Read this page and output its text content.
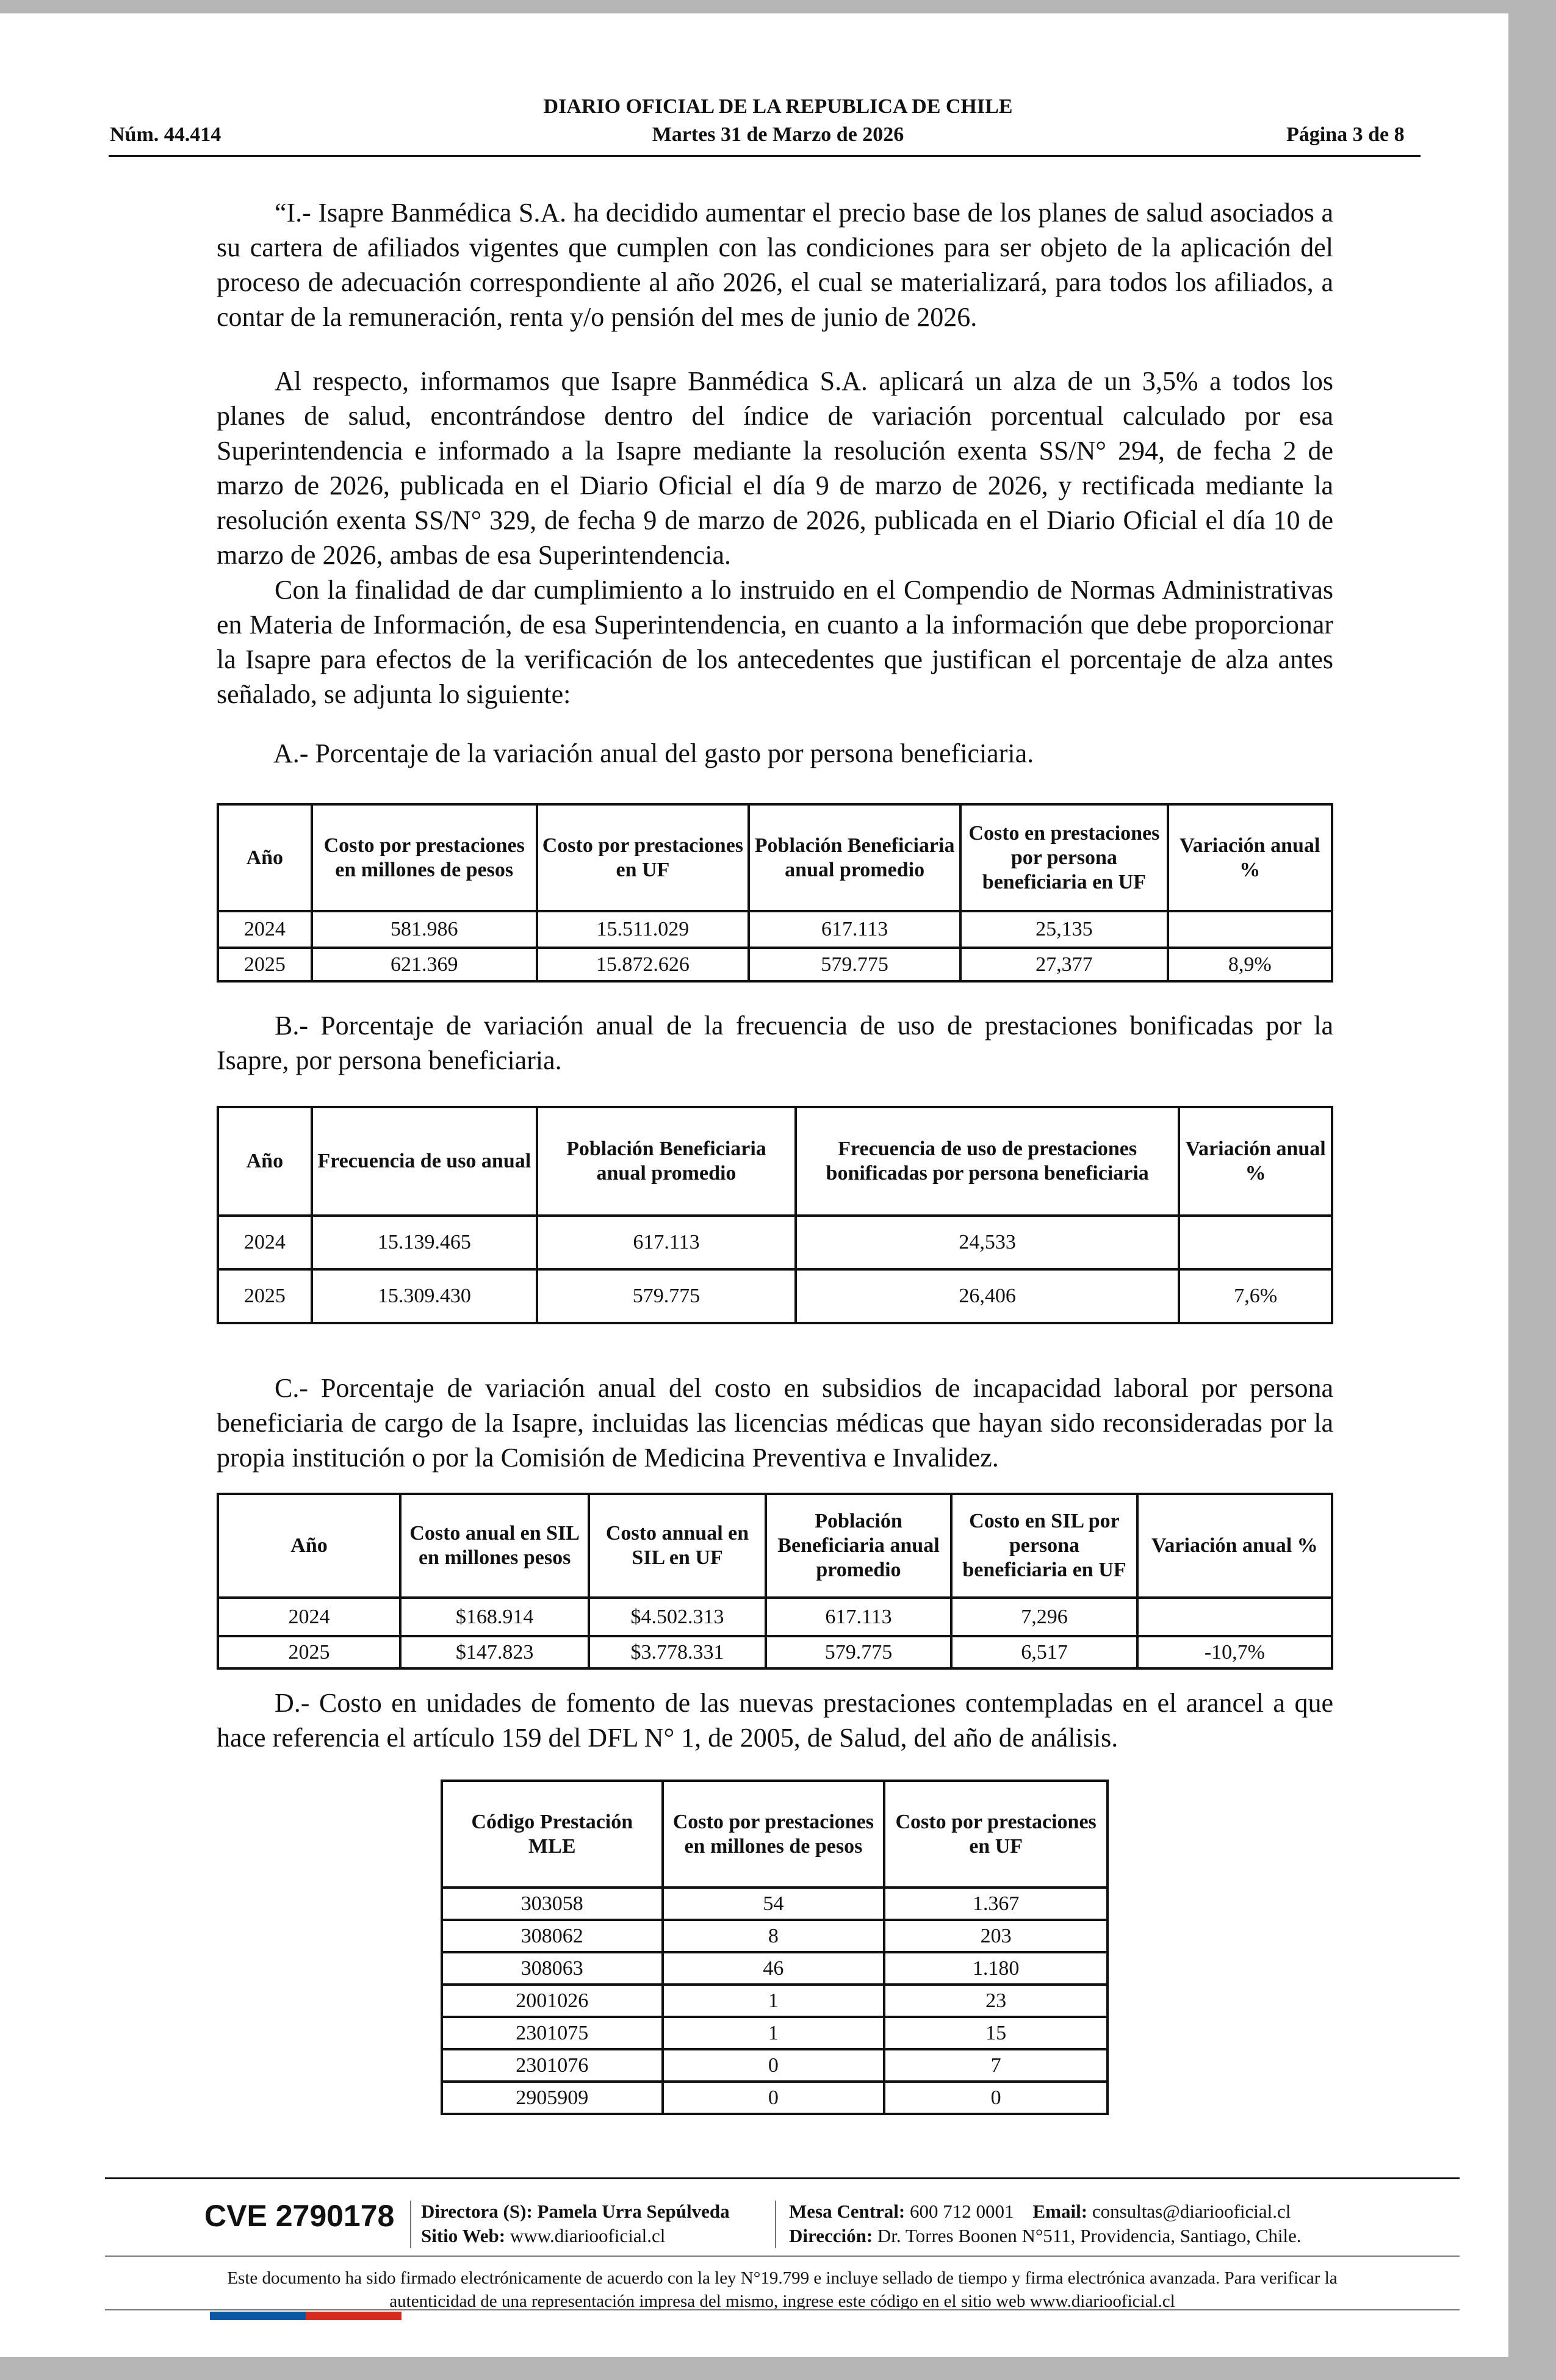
Núm. 44.414
DIARIO OFICIAL DE LA REPUBLICA DE CHILE
Martes 31 de Marzo de 2026	Página 3 de 8

“I.- Isapre Banmédica S.A. ha decidido aumentar el precio base de los planes de salud asociados a su cartera de afiliados vigentes que cumplen con las condiciones para ser objeto de la aplicación del proceso de adecuación correspondiente al año 2026, el cual se materializará, para todos los afiliados, a contar de la remuneración, renta y/o pensión del mes de junio de 2026.

Al respecto, informamos que Isapre Banmédica S.A. aplicará un alza de un 3,5% a todos los planes de salud, encontrándose dentro del índice de variación porcentual calculado por esa Superintendencia e informado a la Isapre mediante la resolución exenta SS/N° 294, de fecha 2 de marzo de 2026, publicada en el Diario Oficial el día 9 de marzo de 2026, y rectificada mediante la resolución exenta SS/N° 329, de fecha 9 de marzo de 2026, publicada en el Diario Oficial el día 10 de marzo de 2026, ambas de esa Superintendencia.

Con la finalidad de dar cumplimiento a lo instruido en el Compendio de Normas Administrativas en Materia de Información, de esa Superintendencia, en cuanto a la información que debe proporcionar la Isapre para efectos de la verificación de los antecedentes que justifican el porcentaje de alza antes señalado, se adjunta lo siguiente:

A.- Porcentaje de la variación anual del gasto por persona beneficiaria.
Año	Costo por prestaciones en millones de pesos	Costo por prestaciones en UF	Población Beneficiaria anual promedio	Costo en prestaciones por persona beneficiaria en UF	Variación anual %
2024	581.986	15.511.029	617.113	25,135	
2025	621.369	15.872.626	579.775	27,377	8,9%

B.- Porcentaje de variación anual de la frecuencia de uso de prestaciones bonificadas por la Isapre, por persona beneficiaria.

Año	Frecuencia de uso anual	Población Beneficiaria anual promedio	Frecuencia de uso de prestaciones bonificadas por persona beneficiaria	Variación anual %
2024	15.139.465	617.113	24,533	
2025	15.309.430	579.775	26,406	7,6%

C.- Porcentaje de variación anual del costo en subsidios de incapacidad laboral por persona beneficiaria de cargo de la Isapre, incluidas las licencias médicas que hayan sido reconsideradas por la propia institución o por la Comisión de Medicina Preventiva e Invalidez.

Año	Costo anual en SIL en millones pesos	Costo annual en SIL en UF	Población Beneficiaria anual promedio	Costo en SIL por persona beneficiaria en UF	Variación anual %
2024	$168.914	$4.502.313	617.113	7,296	
2025	$147.823	$3.778.331	579.775	6,517	-10,7%

D.- Costo en unidades de fomento de las nuevas prestaciones contempladas en el arancel a que hace referencia el artículo 159 del DFL N° 1, de 2005, de Salud, del año de análisis.

Código Prestación MLE	Costo por prestaciones en millones de pesos	Costo por prestaciones en UF
303058	54	1.367
308062	8	203
308063	46	1.180
2001026	1	23
2301075	1	15
2301076	0	7
2905909	0	0
CVE 2790178 Directora (S): Pamela Urra Sepúlveda
Sitio Web: www.diariooficial.cl
Mesa Central: 600 712 0001 Email: consultas@diariooficial.cl
Dirección: Dr. Torres Boonen N°511, Providencia, Santiago, Chile.
Este documento ha sido firmado electrónicamente de acuerdo con la ley N°19.799 e incluye sellado de tiempo y firma electrónica avanzada. Para verificar la autenticidad de una representación impresa del mismo, ingrese este código en el sitio web www.diariooficial.cl
